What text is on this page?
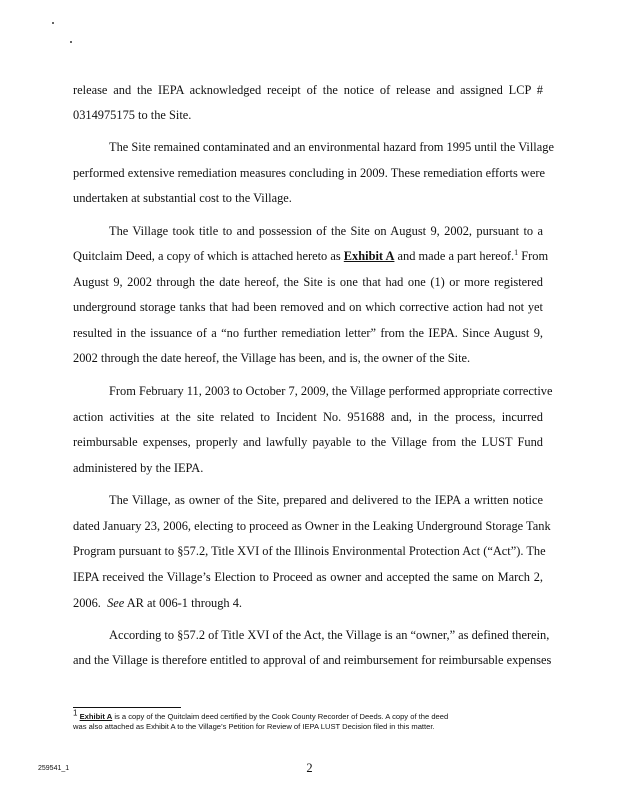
release and the IEPA acknowledged receipt of the notice of release and assigned LCP #
0314975175 to the Site.
The Site remained contaminated and an environmental hazard from 1995 until the Village
performed extensive remediation measures concluding in 2009. These remediation efforts were
undertaken at substantial cost to the Village.
The Village took title to and possession of the Site on August 9, 2002, pursuant to a
Quitclaim Deed, a copy of which is attached hereto as Exhibit A and made a part hereof.$^1$ From
August 9, 2002 through the date hereof, the Site is one that had one (1) or more registered
underground storage tanks that had been removed and on which corrective action had not yet
resulted in the issuance of a “no further remediation letter” from the IEPA. Since August 9,
2002 through the date hereof, the Village has been, and is, the owner of the Site.
From February 11, 2003 to October 7, 2009, the Village performed appropriate corrective
action activities at the site related to Incident No. 951688 and, in the process, incurred
reimbursable expenses, properly and lawfully payable to the Village from the LUST Fund
administered by the IEPA.
The Village, as owner of the Site, prepared and delivered to the IEPA a written notice
dated January 23, 2006, electing to proceed as Owner in the Leaking Underground Storage Tank
Program pursuant to §57.2, Title XVI of the Illinois Environmental Protection Act (“Act”). The
IEPA received the Village’s Election to Proceed as owner and accepted the same on March 2,
2006. See AR at 006-1 through 4.
According to §57.2 of Title XVI of the Act, the Village is an “owner,” as defined therein,
and the Village is therefore entitled to approval of and reimbursement for reimbursable expenses
$^1$ Exhibit A is a copy of the Quitclaim deed certified by the Cook County Recorder of Deeds. A copy of the deed
was also attached as Exhibit A to the Village’s Petition for Review of IEPA LUST Decision filed in this matter.
259541_1	2
